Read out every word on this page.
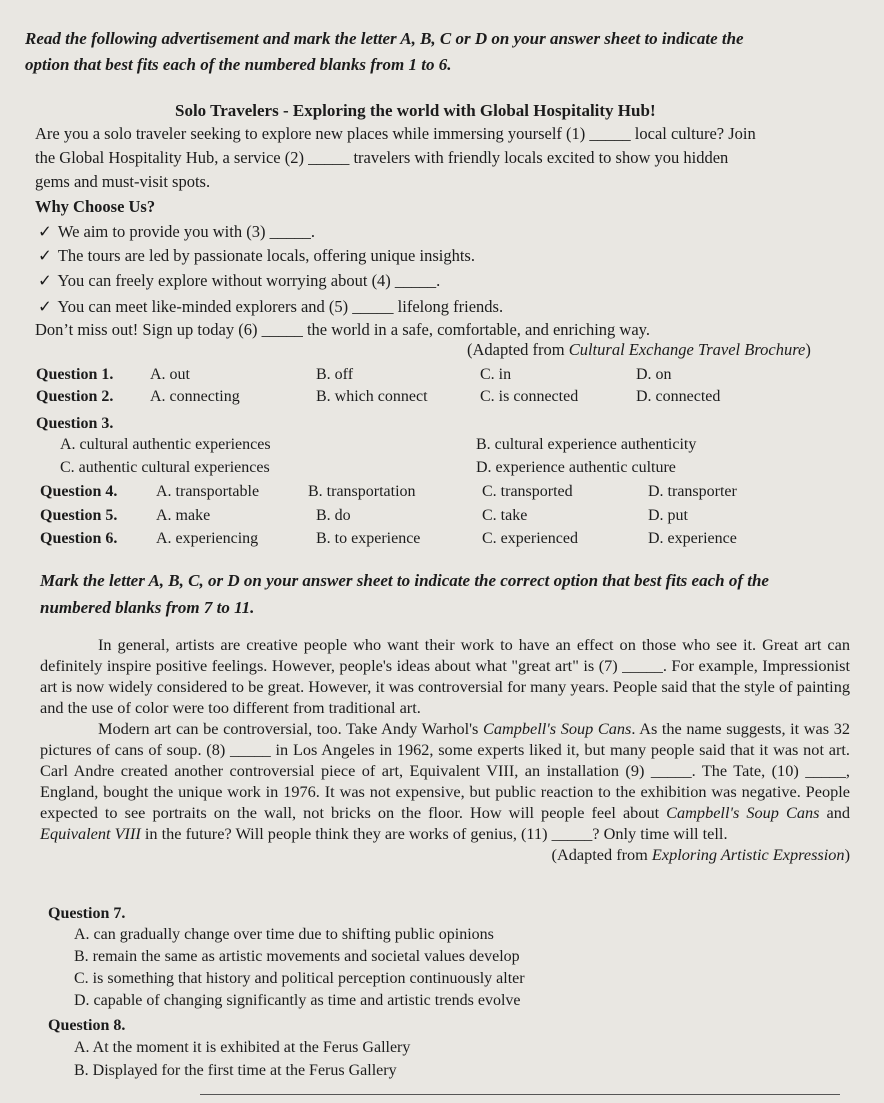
Read the following advertisement and mark the letter A, B, C or D on your answer sheet to indicate the
option that best fits each of the numbered blanks from 1 to 6.
Solo Travelers - Exploring the world with Global Hospitality Hub!
Are you a solo traveler seeking to explore new places while immersing yourself (1) _____ local culture? Join
the Global Hospitality Hub, a service (2) _____ travelers with friendly locals excited to show you hidden
gems and must-visit spots.
Why Choose Us?
✓ We aim to provide you with (3) _____.
✓ The tours are led by passionate locals, offering unique insights.
✓ You can freely explore without worrying about (4) _____.
✓ You can meet like-minded explorers and (5) _____ lifelong friends.
Don’t miss out! Sign up today (6) _____ the world in a safe, comfortable, and enriching way.
(Adapted from Cultural Exchange Travel Brochure)
Question 1. A. out	B. off	C. in	D. on
Question 2. A. connecting	B. which connect	C. is connected	D. connected
Question 3.
A. cultural authentic experiences	B. cultural experience authenticity
C. authentic cultural experiences	D. experience authentic culture
Question 4. A. transportable	B. transportation	C. transported	D. transporter
Question 5. A. make	B. do	C. take	D. put
Question 6. A. experiencing	B. to experience	C. experienced	D. experience
Mark the letter A, B, C, or D on your answer sheet to indicate the correct option that best fits each of the
numbered blanks from 7 to 11.

In general, artists are creative people who want their work to have an effect on those who see it. Great art can definitely inspire positive feelings. However, people's ideas about what "great art" is (7) _____. For example, Impressionist art is now widely considered to be great. However, it was controversial for many years. People said that the style of painting and the use of color were too different from traditional art.

Modern art can be controversial, too. Take Andy Warhol's Campbell's Soup Cans. As the name suggests, it was 32 pictures of cans of soup. (8) _____ in Los Angeles in 1962, some experts liked it, but many people said that it was not art. Carl Andre created another controversial piece of art, Equivalent VIII, an installation (9) _____. The Tate, (10) _____, England, bought the unique work in 1976. It was not expensive, but public reaction to the exhibition was negative. People expected to see portraits on the wall, not bricks on the floor. How will people feel about Campbell's Soup Cans and Equivalent VIII in the future? Will people think they are works of genius, (11) _____? Only time will tell.

(Adapted from Exploring Artistic Expression)

Question 7.
A. can gradually change over time due to shifting public opinions
B. remain the same as artistic movements and societal values develop
C. is something that history and political perception continuously alter
D. capable of changing significantly as time and artistic trends evolve
Question 8.
A. At the moment it is exhibited at the Ferus Gallery
B. Displayed for the first time at the Ferus Gallery
